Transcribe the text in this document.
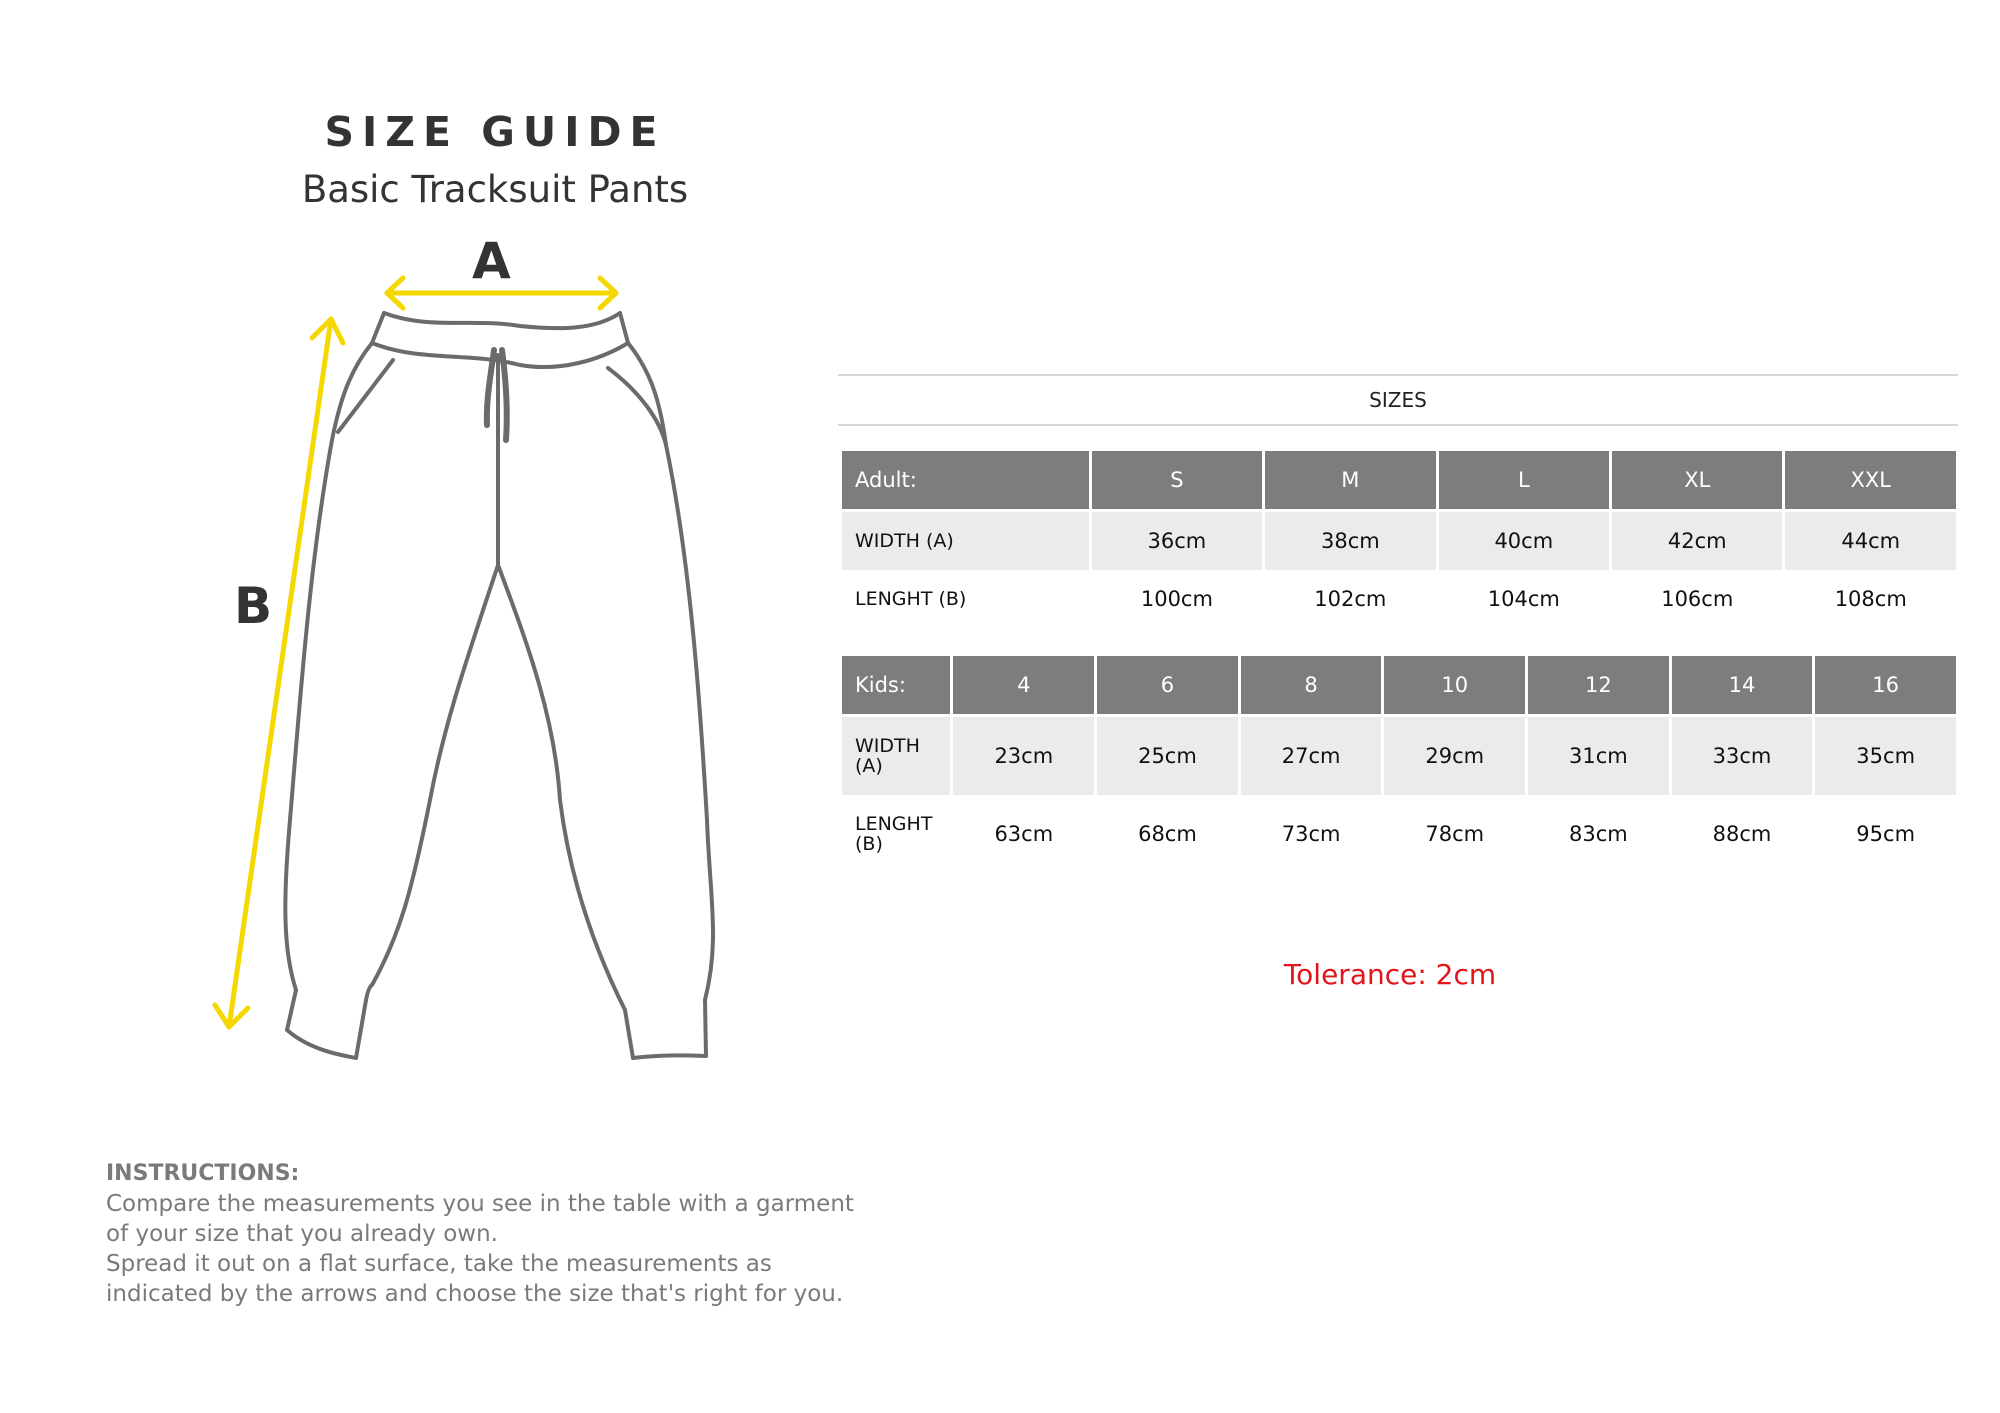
SIZE GUIDE
Basic Tracksuit Pants
A
B
SIZES
Adult:	S	M	L	XL	XXL
WIDTH (A)	36cm	38cm	40cm	42cm	44cm
LENGHT (B)	100cm	102cm	104cm	106cm	108cm
Kids:	4	6	8	10	12	14	16
WIDTH
(A)	23cm	25cm	27cm	29cm	31cm	33cm	35cm
LENGHT
(B)	63cm	68cm	73cm	78cm	83cm	88cm	95cm
Tolerance: 2cm
INSTRUCTIONS:
Compare the measurements you see in the table with a garment
of your size that you already own.
Spread it out on a flat surface, take the measurements as
indicated by the arrows and choose the size that's right for you.
